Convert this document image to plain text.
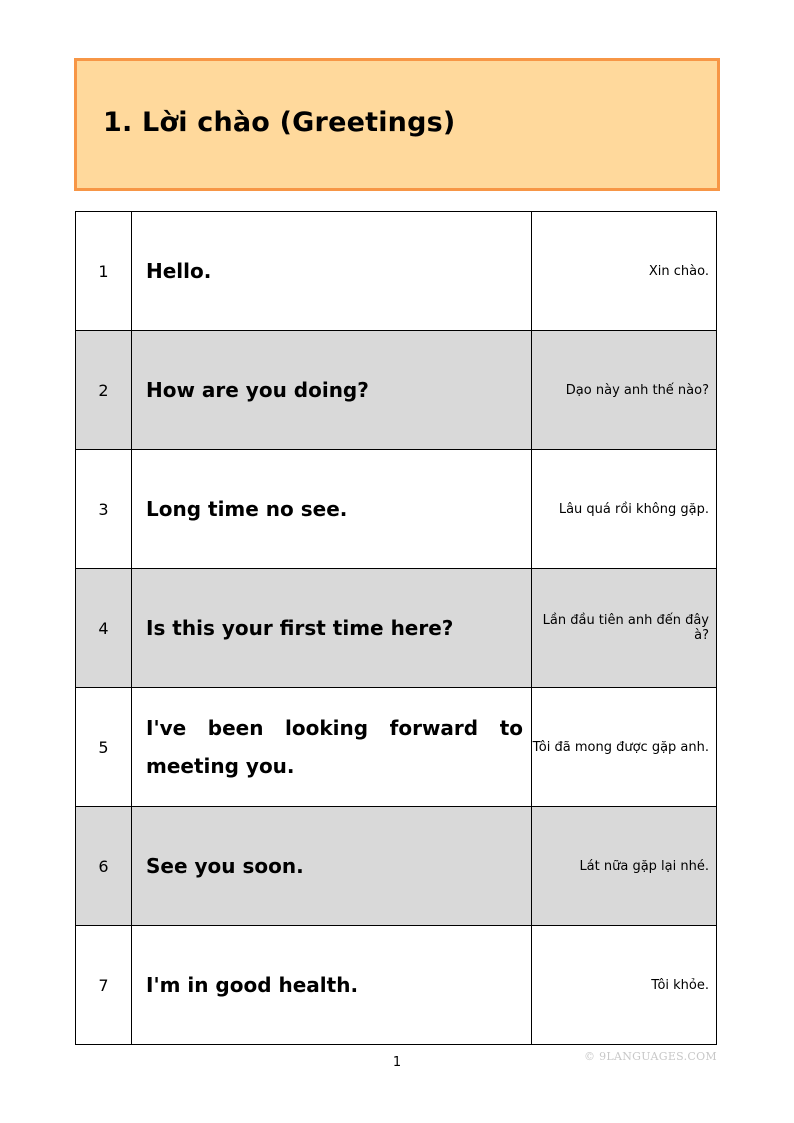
1. Lời chào (Greetings)
1	Hello.	Xin chào.
2	How are you doing?	Dạo này anh thế nào?
3	Long time no see.	Lâu quá rồi không gặp.
4	Is this your first time here?	Lần đầu tiên anh đến đây à?
5	I've been looking forward to meeting you.	Tôi đã mong được gặp anh.
6	See you soon.	Lát nữa gặp lại nhé.
7	I'm in good health.	Tôi khỏe.
© 9LANGUAGES.COM
1
